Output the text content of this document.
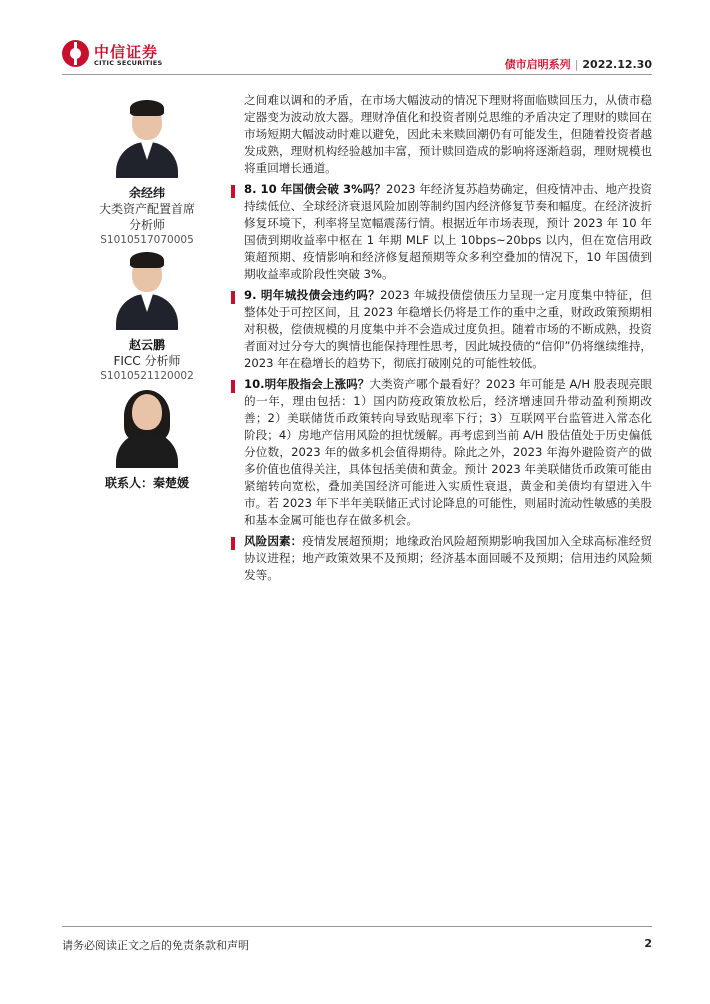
中信证券
CITIC SECURITIES	债市启明系列 | 2022.12.30
余经纬
大类资产配置首席
分析师
S1010517070005
赵云鹏
FICC 分析师
S1010521120002
联系人：秦楚媛

之间难以调和的矛盾，在市场大幅波动的情况下理财将面临赎回压力，从债市稳定器变为波动放大器。理财净值化和投资者刚兑思维的矛盾决定了理财的赎回在市场短期大幅波动时难以避免，因此未来赎回潮仍有可能发生，但随着投资者越发成熟，理财机构经验越加丰富，预计赎回造成的影响将逐渐趋弱，理财规模也将重回增长通道。

8. 10 年国债会破 3%吗？2023 年经济复苏趋势确定，但疫情冲击、地产投资持续低位、全球经济衰退风险加剧等制约国内经济修复节奏和幅度。在经济波折修复环境下，利率将呈宽幅震荡行情。根据近年市场表现，预计 2023 年 10 年国债到期收益率中枢在 1 年期 MLF 以上 10bps~20bps 以内，但在宽信用政策超预期、疫情影响和经济修复超预期等众多利空叠加的情况下，10 年国债到期收益率或阶段性突破 3%。

9. 明年城投债会违约吗？2023 年城投债偿债压力呈现一定月度集中特征，但整体处于可控区间，且 2023 年稳增长仍将是工作的重中之重，财政政策预期相对积极，偿债规模的月度集中并不会造成过度负担。随着市场的不断成熟，投资者面对过分夸大的舆情也能保持理性思考，因此城投债的“信仰”仍将继续维持，2023 年在稳增长的趋势下，彻底打破刚兑的可能性较低。

10.明年股指会上涨吗？大类资产哪个最看好？2023 年可能是 A/H 股表现亮眼的一年，理由包括：1）国内防疫政策放松后，经济增速回升带动盈利预期改善；2）美联储货币政策转向导致贴现率下行；3）互联网平台监管进入常态化阶段；4）房地产信用风险的担忧缓解。再考虑到当前 A/H 股估值处于历史偏低分位数，2023 年的做多机会值得期待。除此之外，2023 年海外避险资产的做多价值也值得关注，具体包括美债和黄金。预计 2023 年美联储货币政策可能由紧缩转向宽松，叠加美国经济可能进入实质性衰退，黄金和美债均有望进入牛市。若 2023 年下半年美联储正式讨论降息的可能性，则届时流动性敏感的美股和基本金属可能也存在做多机会。

风险因素：疫情发展超预期；地缘政治风险超预期影响我国加入全球高标准经贸协议进程；地产政策效果不及预期；经济基本面回暖不及预期；信用违约风险频发等。

请务必阅读正文之后的免责条款和声明	2
